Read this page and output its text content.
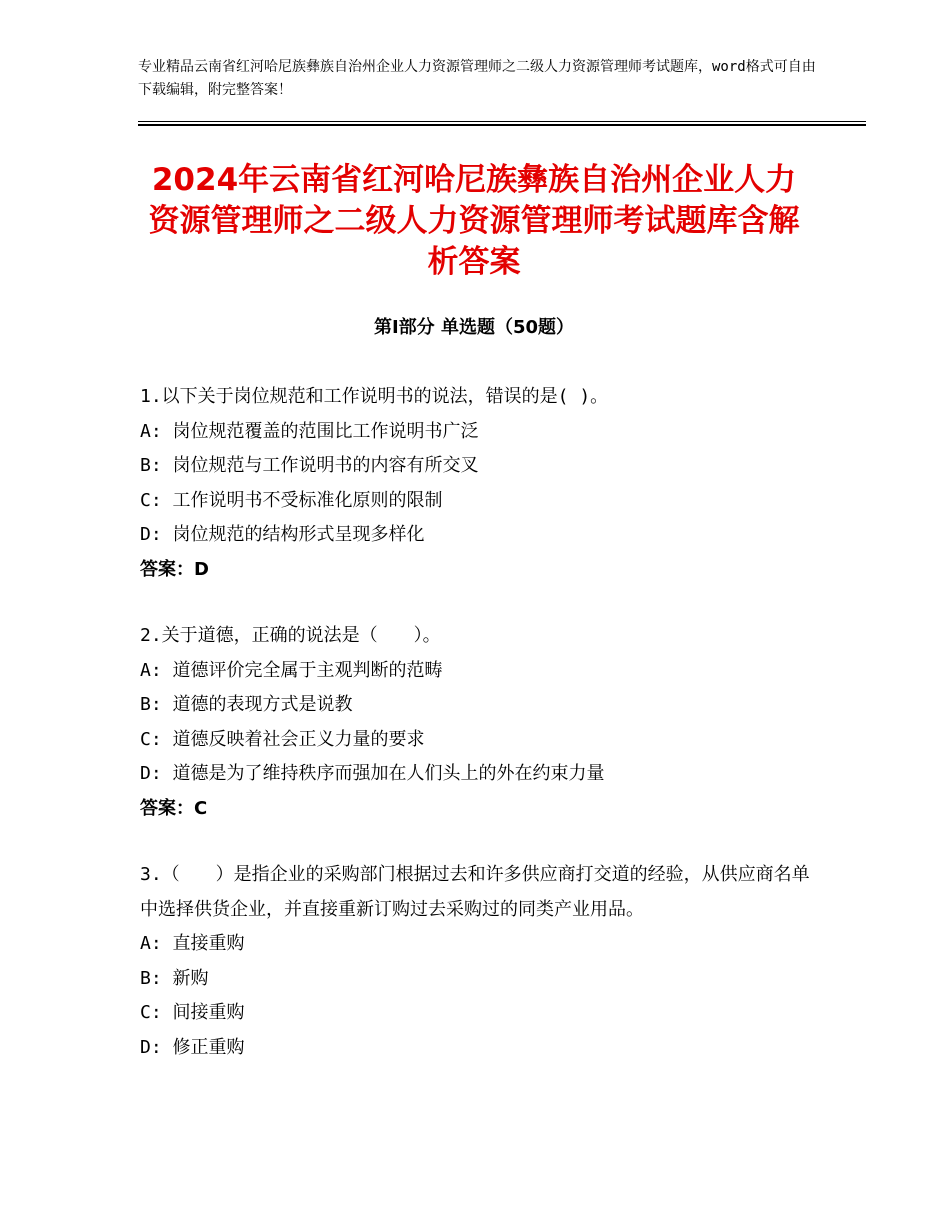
专业精品云南省红河哈尼族彝族自治州企业人力资源管理师之二级人力资源管理师考试题库，word格式可自由下载编辑，附完整答案！
2024年云南省红河哈尼族彝族自治州企业人力资源管理师之二级人力资源管理师考试题库含解析答案
第Ⅰ部分 单选题（50题）
1.以下关于岗位规范和工作说明书的说法，错误的是( )。
A: 岗位规范覆盖的范围比工作说明书广泛
B: 岗位规范与工作说明书的内容有所交叉
C: 工作说明书不受标准化原则的限制
D: 岗位规范的结构形式呈现多样化
答案：D
2.关于道德，正确的说法是（　　）。
A: 道德评价完全属于主观判断的范畴
B: 道德的表现方式是说教
C: 道德反映着社会正义力量的要求
D: 道德是为了维持秩序而强加在人们头上的外在约束力量
答案：C
3.（　　）是指企业的采购部门根据过去和许多供应商打交道的经验，从供应商名单中选择供货企业，并直接重新订购过去采购过的同类产业用品。
A: 直接重购
B: 新购
C: 间接重购
D: 修正重购
